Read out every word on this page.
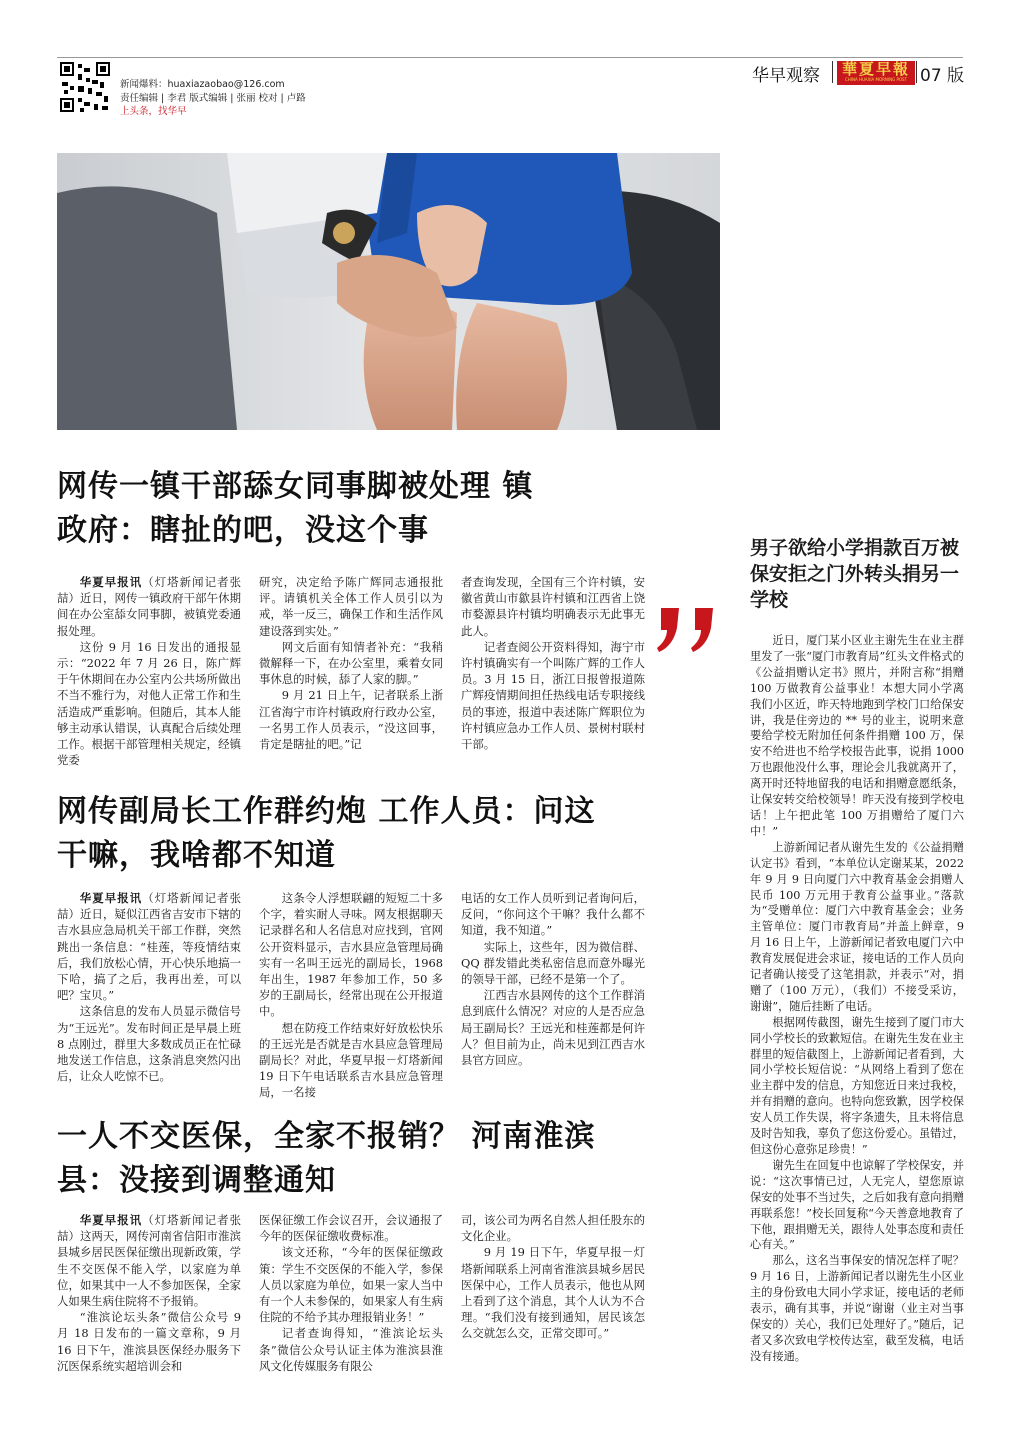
新闻爆料：huaxiazaobao@126.com
责任编辑 | 李君 版式编辑 | 张丽 校对 | 卢路
上头条，找华早
华早观察	華夏早報
CHINA HUAXIA MORNING POST 07 版
网传一镇干部舔女同事脚被处理 镇
政府：瞎扯的吧，没这个事

华夏早报讯（灯塔新闻记者张喆）近日，网传一镇政府干部午休期间在办公室舔女同事脚，被镇党委通报处理。

这份 9 月 16 日发出的通报显示：“2022 年 7 月 26 日，陈广辉于午休期间在办公室内公共场所做出不当不雅行为，对他人正常工作和生活造成严重影响。但随后，其本人能够主动承认错误，认真配合后续处理工作。根据干部管理相关规定，经镇党委

研究，决定给予陈广辉同志通报批评。请镇机关全体工作人员引以为戒，举一反三，确保工作和生活作风建设落到实处。”

网文后面有知情者补充：“我稍微解释一下，在办公室里，乘着女同事休息的时候，舔了人家的脚。”

9 月 21 日上午，记者联系上浙江省海宁市许村镇政府行政办公室，一名男工作人员表示，“没这回事，肯定是瞎扯的吧。”记

者查询发现，全国有三个许村镇，安徽省黄山市歙县许村镇和江西省上饶市婺源县许村镇均明确表示无此事无此人。

记者查阅公开资料得知，海宁市许村镇确实有一个叫陈广辉的工作人员。3 月 15 日，浙江日报曾报道陈广辉疫情期间担任热线电话专职接线员的事迹，报道中表述陈广辉职位为许村镇应急办工作人员、景树村联村干部。

网传副局长工作群约炮 工作人员：问这
干嘛，我啥都不知道

华夏早报讯（灯塔新闻记者张喆）近日，疑似江西省吉安市下辖的吉水县应急局机关干部工作群，突然跳出一条信息：“桂莲，等疫情结束后，我们放松心情，开心快乐地搞一下哈，搞了之后，我再出差，可以吧？宝贝。”

这条信息的发布人员显示微信号为“王远光”。发布时间正是早晨上班 8 点刚过，群里大多数成员正在忙碌地发送工作信息，这条消息突然闪出后，让众人吃惊不已。

这条令人浮想联翩的短短二十多个字，着实耐人寻味。网友根据聊天记录群名和人名信息对应找到，官网公开资料显示，吉水县应急管理局确实有一名叫王远光的副局长，1968 年出生，1987 年参加工作，50 多岁的王副局长，经常出现在公开报道中。

想在防疫工作结束好好放松快乐的王远光是否就是吉水县应急管理局副局长？对此，华夏早报－灯塔新闻 19 日下午电话联系吉水县应急管理局，一名接

电话的女工作人员听到记者询问后，反问，“你问这个干嘛？我什么都不知道，我不知道。”

实际上，这些年，因为微信群、QQ 群发错此类私密信息而意外曝光的领导干部，已经不是第一个了。

江西吉水县网传的这个工作群消息到底什么情况？对应的人是否应急局王副局长？王远光和桂莲都是何许人？但目前为止，尚未见到江西吉水县官方回应。

一人不交医保，全家不报销？ 河南淮滨
县：没接到调整通知

华夏早报讯（灯塔新闻记者张喆）这两天，网传河南省信阳市淮滨县城乡居民医保征缴出现新政策，学生不交医保不能入学，以家庭为单位，如果其中一人不参加医保，全家人如果生病住院将不予报销。

“淮滨论坛头条”微信公众号 9 月 18 日发布的一篇文章称，9 月 16 日下午，淮滨县医保经办服务下沉医保系统实超培训会和

医保征缴工作会议召开，会议通报了今年的医保征缴收费标准。

该文还称，“今年的医保征缴政策：学生不交医保的不能入学，参保人员以家庭为单位，如果一家人当中有一个人未参保的，如果家人有生病住院的不给予其办理报销业务！”

记者查询得知，“淮滨论坛头条”微信公众号认证主体为淮滨县淮风文化传媒服务有限公

司，该公司为两名自然人担任股东的文化企业。

9 月 19 日下午，华夏早报－灯塔新闻联系上河南省淮滨县城乡居民医保中心，工作人员表示，他也从网上看到了这个消息，其个人认为不合理。“我们没有接到通知，居民该怎么交就怎么交，正常交即可。”

男子欲给小学捐款百万被保安拒之门外转头捐另一学校

近日，厦门某小区业主谢先生在业主群里发了一张“厦门市教育局”红头文件格式的《公益捐赠认定书》照片，并附言称“捐赠 100 万做教育公益事业！本想大同小学离我们小区近，昨天特地跑到学校门口给保安讲，我是住旁边的 ** 号的业主，说明来意要给学校无附加任何条件捐赠 100 万，保安不给进也不给学校报告此事，说捐 1000 万也跟他没什么事，理论会儿我就离开了，离开时还特地留我的电话和捐赠意愿纸条，让保安转交给校领导！昨天没有接到学校电话！上午把此笔 100 万捐赠给了厦门六中！”

上游新闻记者从谢先生发的《公益捐赠认定书》看到，“本单位认定谢某某，2022 年 9 月 9 日向厦门六中教育基金会捐赠人民币 100 万元用于教育公益事业。”落款为“受赠单位：厦门六中教育基金会；业务主管单位：厦门市教育局”并盖上鲜章，9 月 16 日上午，上游新闻记者致电厦门六中教育发展促进会求证，接电话的工作人员向记者确认接受了这笔捐款，并表示“对，捐赠了（100 万元），（我们）不接受采访，谢谢”，随后挂断了电话。

根据网传截图，谢先生接到了厦门市大同小学校长的致歉短信。在谢先生发在业主群里的短信截图上，上游新闻记者看到，大同小学校长短信说：“从网络上看到了您在业主群中发的信息，方知您近日来过我校，并有捐赠的意向。也特向您致歉，因学校保安人员工作失误，将字条遗失，且未将信息及时告知我，辜负了您这份爱心。虽错过，但这份心意弥足珍贵！”

谢先生在回复中也谅解了学校保安，并说：“这次事情已过，人无完人，望您原谅保安的处事不当过失，之后如我有意向捐赠再联系您！”校长回复称“今天善意地教育了下他，跟捐赠无关，跟待人处事态度和责任心有关。”

那么，这名当事保安的情况怎样了呢？9 月 16 日，上游新闻记者以谢先生小区业主的身份致电大同小学求证，接电话的老师表示，确有其事，并说“谢谢（业主对当事保安的）关心，我们已处理好了。”随后，记者又多次致电学校传达室，截至发稿，电话没有接通。
